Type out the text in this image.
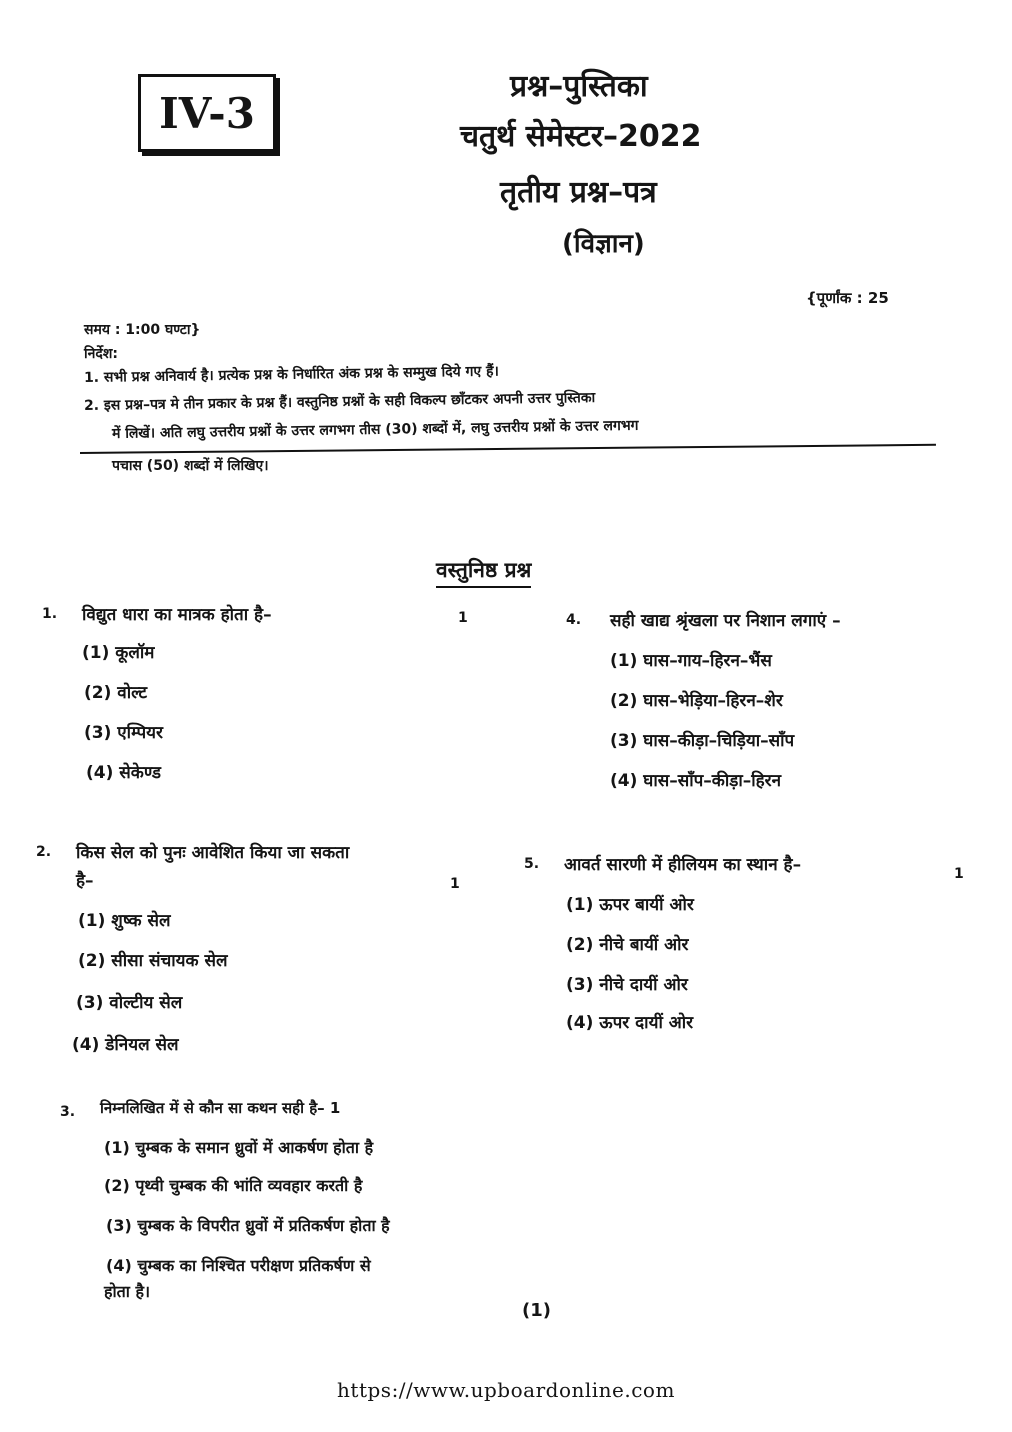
IV-3
प्रश्न–पुस्तिका
चतुर्थ सेमेस्टर–2022
तृतीय प्रश्न–पत्र
(विज्ञान)
{पूर्णांक : 25
समय : 1:00 घण्टा}
निर्देश:
1. सभी प्रश्न अनिवार्य है। प्रत्येक प्रश्न के निर्धारित अंक प्रश्न के सम्मुख दिये गए हैं।
2. इस प्रश्न–पत्र मे तीन प्रकार के प्रश्न हैं। वस्तुनिष्ठ प्रश्नों के सही विकल्प छाँटकर अपनी उत्तर पुस्तिका
में लिखें। अति लघु उत्तरीय प्रश्नों के उत्तर लगभग तीस (30) शब्दों में, लघु उत्तरीय प्रश्नों के उत्तर लगभग
पचास (50) शब्दों में लिखिए।
वस्तुनिष्ठ प्रश्न
1. विद्युत धारा का मात्रक होता है–	1
(1) कूलॉम
(2) वोल्ट
(3) एम्पियर
(4) सेकेण्ड
4. सही खाद्य श्रृंखला पर निशान लगाएं –
(1) घास–गाय–हिरन–भैंस
(2) घास–भेड़िया–हिरन–शेर
(3) घास–कीड़ा–चिड़िया–साँप
(4) घास–साँप–कीड़ा–हिरन
2. किस सेल को पुनः आवेशित किया जा सकता
है–	1
(1) शुष्क सेल
(2) सीसा संचायक सेल
(3) वोल्टीय सेल
(4) डेनियल सेल
5. आवर्त सारणी में हीलियम का स्थान है–	1
(1) ऊपर बायीं ओर
(2) नीचे बायीं ओर
(3) नीचे दायीं ओर
(4) ऊपर दायीं ओर
3. निम्नलिखित में से कौन सा कथन सही है– 1
(1) चुम्बक के समान ध्रुवों में आकर्षण होता है
(2) पृथ्वी चुम्बक की भांति व्यवहार करती है
(3) चुम्बक के विपरीत ध्रुवों में प्रतिकर्षण होता है
(4) चुम्बक का निश्चित परीक्षण प्रतिकर्षण से
होता है।
(1)
https://www.upboardonline.com
